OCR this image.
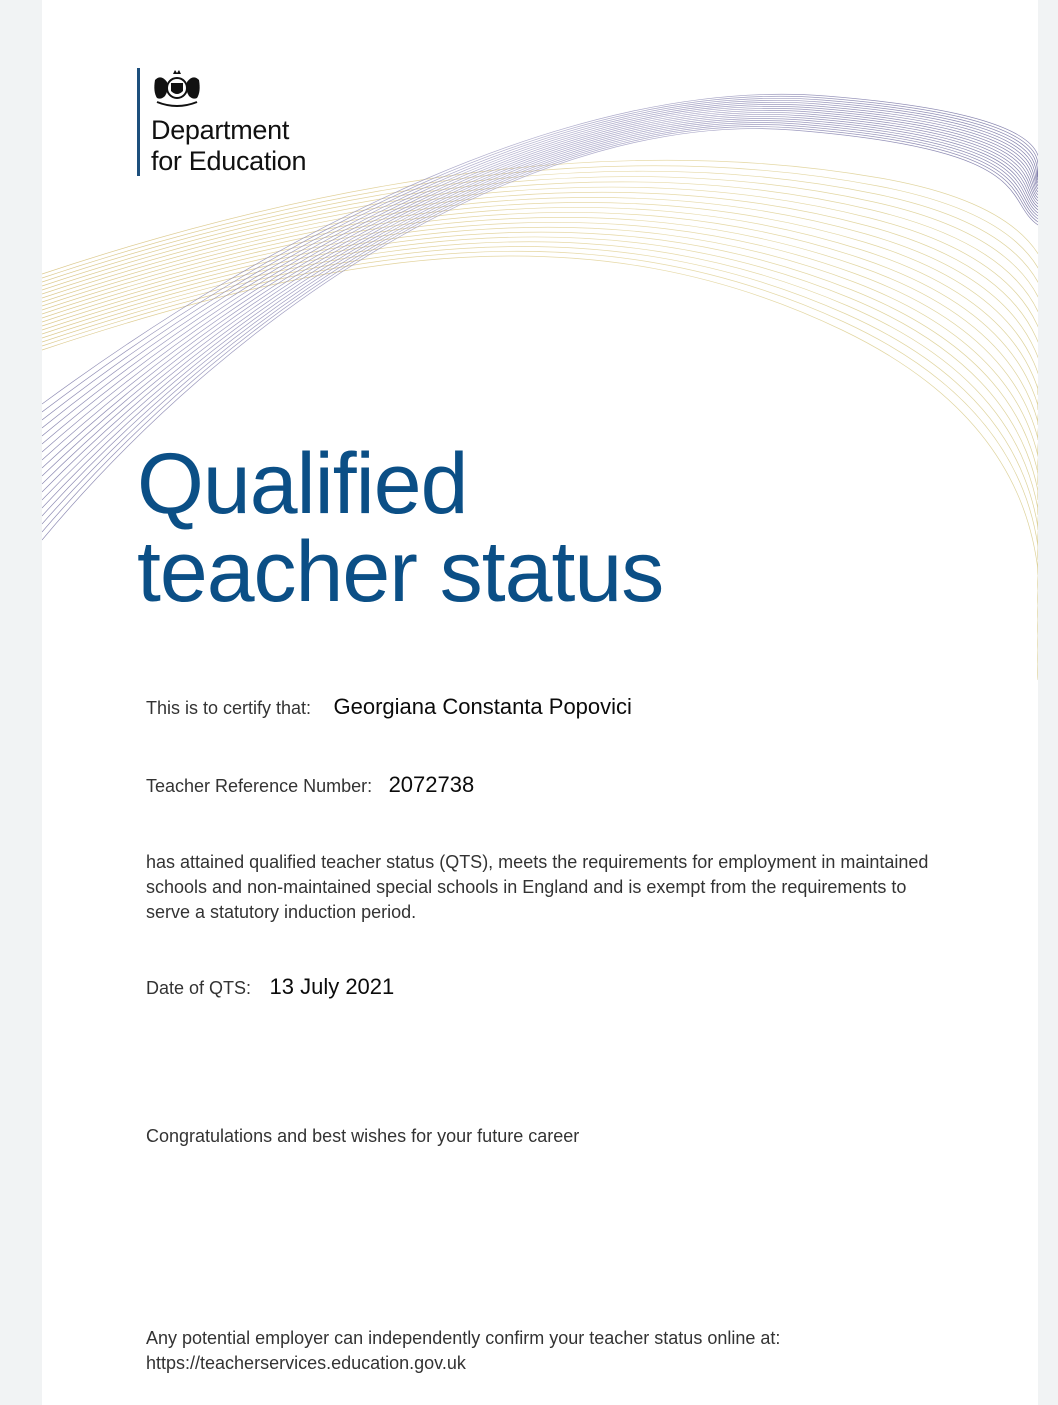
Department
for Education
Qualified
teacher status
This is to certify that: Georgiana Constanta Popovici
Teacher Reference Number: 2072738
has attained qualified teacher status (QTS), meets the requirements for employment in maintained schools and non-maintained special schools in England and is exempt from the requirements to serve a statutory induction period.
Date of QTS: 13 July 2021
Congratulations and best wishes for your future career
Any potential employer can independently confirm your teacher status online at:
https://teacherservices.education.gov.uk
